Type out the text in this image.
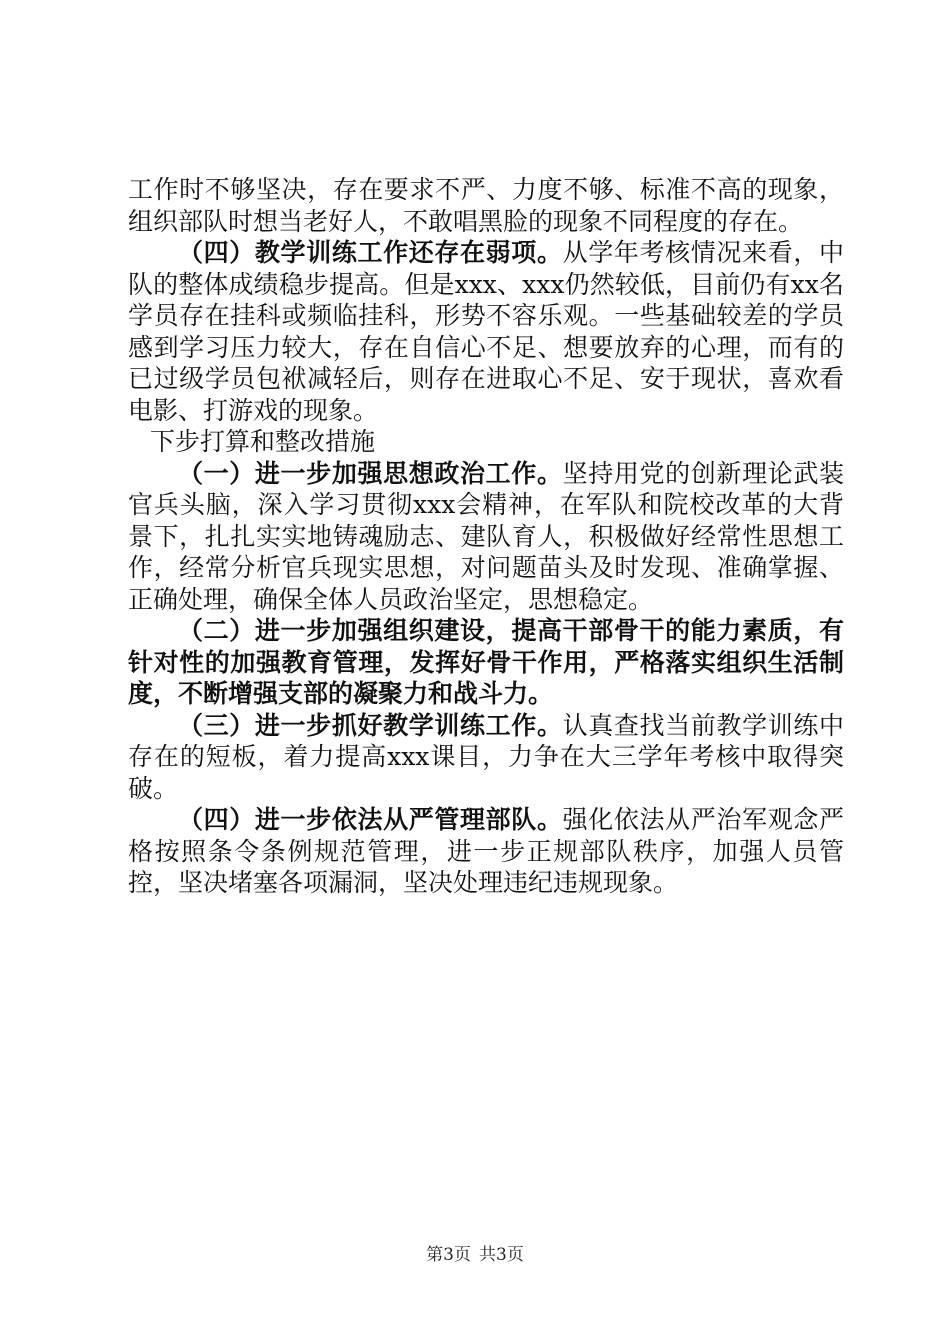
工作时不够坚决，存在要求不严、力度不够、标准不高的现象，组织部队时想当老好人，不敢唱黑脸的现象不同程度的存在。

（四）教学训练工作还存在弱项。从学年考核情况来看，中队的整体成绩稳步提高。但是xxx、xxx仍然较低，目前仍有xx名学员存在挂科或频临挂科，形势不容乐观。一些基础较差的学员感到学习压力较大，存在自信心不足、想要放弃的心理，而有的已过级学员包袱减轻后，则存在进取心不足、安于现状，喜欢看电影、打游戏的现象。

下步打算和整改措施

（一）进一步加强思想政治工作。坚持用党的创新理论武装官兵头脑，深入学习贯彻xxx会精神，在军队和院校改革的大背景下，扎扎实实地铸魂励志、建队育人，积极做好经常性思想工作，经常分析官兵现实思想，对问题苗头及时发现、准确掌握、正确处理，确保全体人员政治坚定，思想稳定。

（二）进一步加强组织建设，提高干部骨干的能力素质，有针对性的加强教育管理，发挥好骨干作用，严格落实组织生活制度，不断增强支部的凝聚力和战斗力。

（三）进一步抓好教学训练工作。认真查找当前教学训练中存在的短板，着力提高xxx课目，力争在大三学年考核中取得突破。

（四）进一步依法从严管理部队。强化依法从严治军观念严格按照条令条例规范管理，进一步正规部队秩序，加强人员管控，坚决堵塞各项漏洞，坚决处理违纪违规现象。

第3页 共3页
